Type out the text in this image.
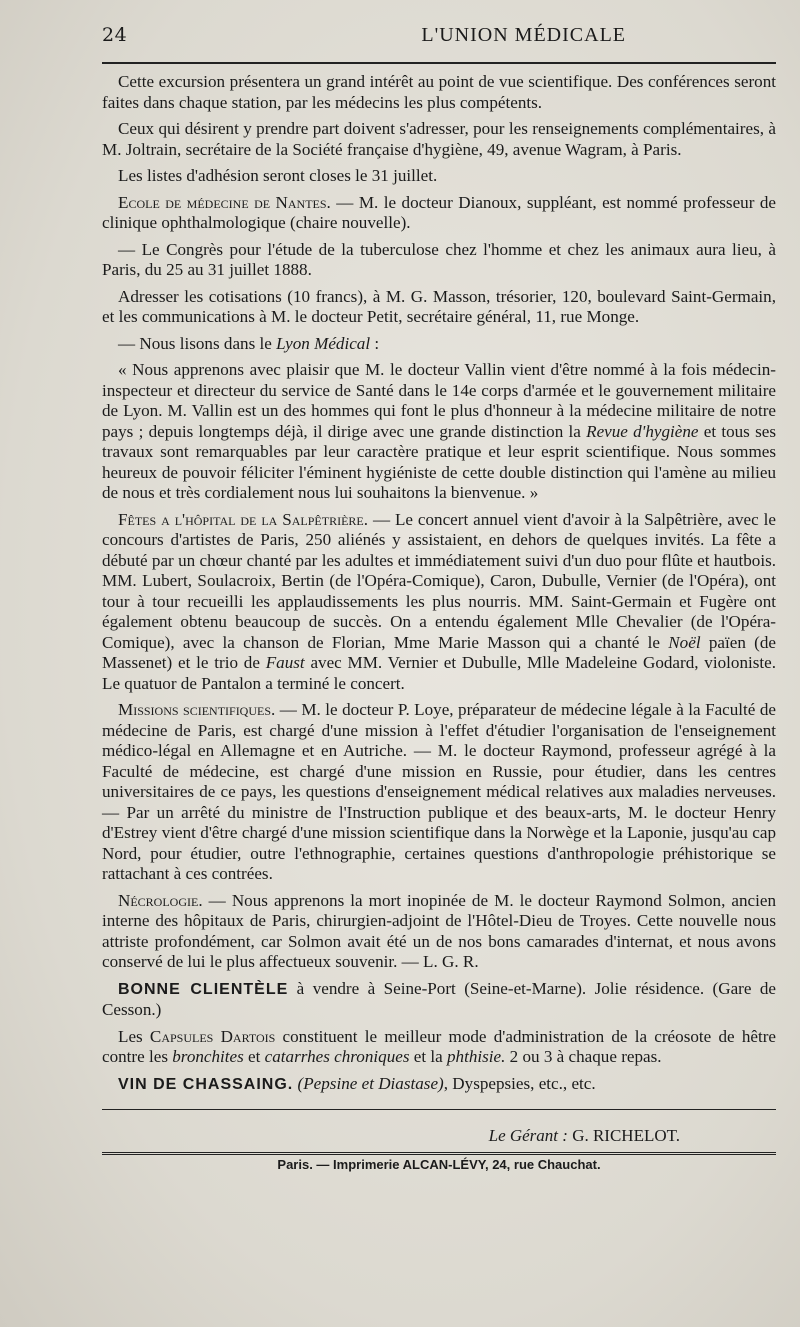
24	L'UNION MÉDICALE

Cette excursion présentera un grand intérêt au point de vue scientifique. Des conférences seront faites dans chaque station, par les médecins les plus compétents.

Ceux qui désirent y prendre part doivent s'adresser, pour les renseignements complémentaires, à M. Joltrain, secrétaire de la Société française d'hygiène, 49, avenue Wagram, à Paris.

Les listes d'adhésion seront closes le 31 juillet.

Ecole de médecine de Nantes. — M. le docteur Dianoux, suppléant, est nommé professeur de clinique ophthalmologique (chaire nouvelle).

— Le Congrès pour l'étude de la tuberculose chez l'homme et chez les animaux aura lieu, à Paris, du 25 au 31 juillet 1888.

Adresser les cotisations (10 francs), à M. G. Masson, trésorier, 120, boulevard Saint-Germain, et les communications à M. le docteur Petit, secrétaire général, 11, rue Monge.

— Nous lisons dans le Lyon Médical :

« Nous apprenons avec plaisir que M. le docteur Vallin vient d'être nommé à la fois médecin-inspecteur et directeur du service de Santé dans le 14e corps d'armée et le gouvernement militaire de Lyon. M. Vallin est un des hommes qui font le plus d'honneur à la médecine militaire de notre pays ; depuis longtemps déjà, il dirige avec une grande distinction la Revue d'hygiène et tous ses travaux sont remarquables par leur caractère pratique et leur esprit scientifique. Nous sommes heureux de pouvoir féliciter l'éminent hygiéniste de cette double distinction qui l'amène au milieu de nous et très cordialement nous lui souhaitons la bienvenue. »

Fêtes a l'hôpital de la Salpêtrière. — Le concert annuel vient d'avoir à la Salpêtrière, avec le concours d'artistes de Paris, 250 aliénés y assistaient, en dehors de quelques invités. La fête a débuté par un chœur chanté par les adultes et immédiatement suivi d'un duo pour flûte et hautbois. MM. Lubert, Soulacroix, Bertin (de l'Opéra-Comique), Caron, Dubulle, Vernier (de l'Opéra), ont tour à tour recueilli les applaudissements les plus nourris. MM. Saint-Germain et Fugère ont également obtenu beaucoup de succès. On a entendu également Mlle Chevalier (de l'Opéra-Comique), avec la chanson de Florian, Mme Marie Masson qui a chanté le Noël païen (de Massenet) et le trio de Faust avec MM. Vernier et Dubulle, Mlle Madeleine Godard, violoniste. Le quatuor de Pantalon a terminé le concert.

Missions scientifiques. — M. le docteur P. Loye, préparateur de médecine légale à la Faculté de médecine de Paris, est chargé d'une mission à l'effet d'étudier l'organisation de l'enseignement médico-légal en Allemagne et en Autriche. — M. le docteur Raymond, professeur agrégé à la Faculté de médecine, est chargé d'une mission en Russie, pour étudier, dans les centres universitaires de ce pays, les questions d'enseignement médical relatives aux maladies nerveuses. — Par un arrêté du ministre de l'Instruction publique et des beaux-arts, M. le docteur Henry d'Estrey vient d'être chargé d'une mission scientifique dans la Norwège et la Laponie, jusqu'au cap Nord, pour étudier, outre l'ethnographie, certaines questions d'anthropologie préhistorique se rattachant à ces contrées.

Nécrologie. — Nous apprenons la mort inopinée de M. le docteur Raymond Solmon, ancien interne des hôpitaux de Paris, chirurgien-adjoint de l'Hôtel-Dieu de Troyes. Cette nouvelle nous attriste profondément, car Solmon avait été un de nos bons camarades d'internat, et nous avons conservé de lui le plus affectueux souvenir. — L. G. R.

BONNE CLIENTÈLE à vendre à Seine-Port (Seine-et-Marne). Jolie résidence. (Gare de Cesson.)

Les Capsules Dartois constituent le meilleur mode d'administration de la créosote de hêtre contre les bronchites et catarrhes chroniques et la phthisie. 2 ou 3 à chaque repas.

VIN DE CHASSAING. (Pepsine et Diastase), Dyspepsies, etc., etc.

Le Gérant : G. RICHELOT.
Paris. — Imprimerie ALCAN-LÉVY, 24, rue Chauchat.
